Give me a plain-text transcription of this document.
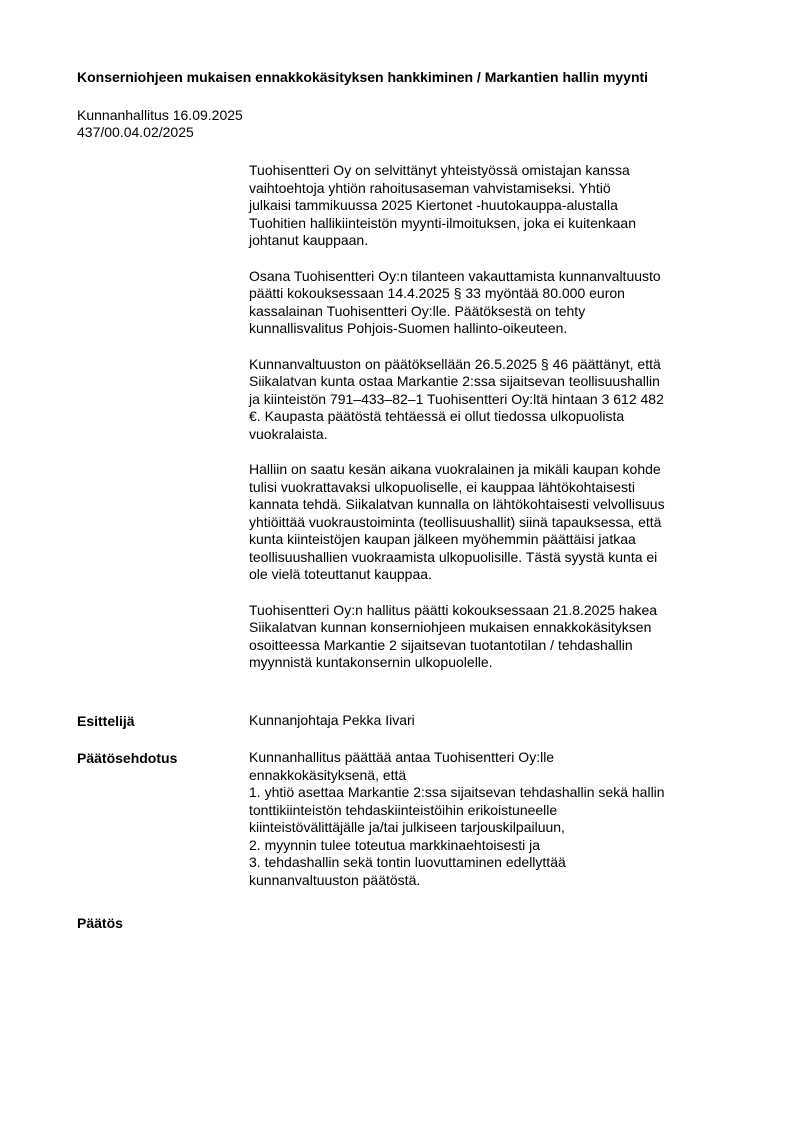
Konserniohjeen mukaisen ennakkokäsityksen hankkiminen / Markantien hallin myynti
Kunnanhallitus 16.09.2025
437/00.04.02/2025

Tuohisentteri Oy on selvittänyt yhteistyössä omistajan kanssa
vaihtoehtoja yhtiön rahoitusaseman vahvistamiseksi. Yhtiö
julkaisi tammikuussa 2025 Kiertonet -huutokauppa-alustalla
Tuohitien hallikiinteistön myynti-ilmoituksen, joka ei kuitenkaan
johtanut kauppaan.

Osana Tuohisentteri Oy:n tilanteen vakauttamista kunnanvaltuusto
päätti kokouksessaan 14.4.2025 § 33 myöntää 80.000 euron
kassalainan Tuohisentteri Oy:lle. Päätöksestä on tehty
kunnallisvalitus Pohjois-Suomen hallinto-oikeuteen.

Kunnanvaltuuston on päätöksellään 26.5.2025 § 46 päättänyt, että
Siikalatvan kunta ostaa Markantie 2:ssa sijaitsevan teollisuushallin
ja kiinteistön 791–433–82–1 Tuohisentteri Oy:ltä hintaan 3 612 482
€. Kaupasta päätöstä tehtäessä ei ollut tiedossa ulkopuolista
vuokralaista.

Halliin on saatu kesän aikana vuokralainen ja mikäli kaupan kohde
tulisi vuokrattavaksi ulkopuoliselle, ei kauppaa lähtökohtaisesti
kannata tehdä. Siikalatvan kunnalla on lähtökohtaisesti velvollisuus
yhtiöittää vuokraustoiminta (teollisuushallit) siinä tapauksessa, että
kunta kiinteistöjen kaupan jälkeen myöhemmin päättäisi jatkaa
teollisuushallien vuokraamista ulkopuolisille. Tästä syystä kunta ei
ole vielä toteuttanut kauppaa.

Tuohisentteri Oy:n hallitus päätti kokouksessaan 21.8.2025 hakea
Siikalatvan kunnan konserniohjeen mukaisen ennakkokäsityksen
osoitteessa Markantie 2 sijaitsevan tuotantotilan / tehdashallin
myynnistä kuntakonsernin ulkopuolelle.

Esittelijä	Kunnanjohtaja Pekka Iivari
Päätösehdotus	Kunnanhallitus päättää antaa Tuohisentteri Oy:lle
ennakkokäsityksenä, että
1. yhtiö asettaa Markantie 2:ssa sijaitsevan tehdashallin sekä hallin
tonttikiinteistön tehdaskiinteistöihin erikoistuneelle
kiinteistövälittäjälle ja/tai julkiseen tarjouskilpailuun,
2. myynnin tulee toteutua markkinaehtoisesti ja
3. tehdashallin sekä tontin luovuttaminen edellyttää
kunnanvaltuuston päätöstä.
Päätös
